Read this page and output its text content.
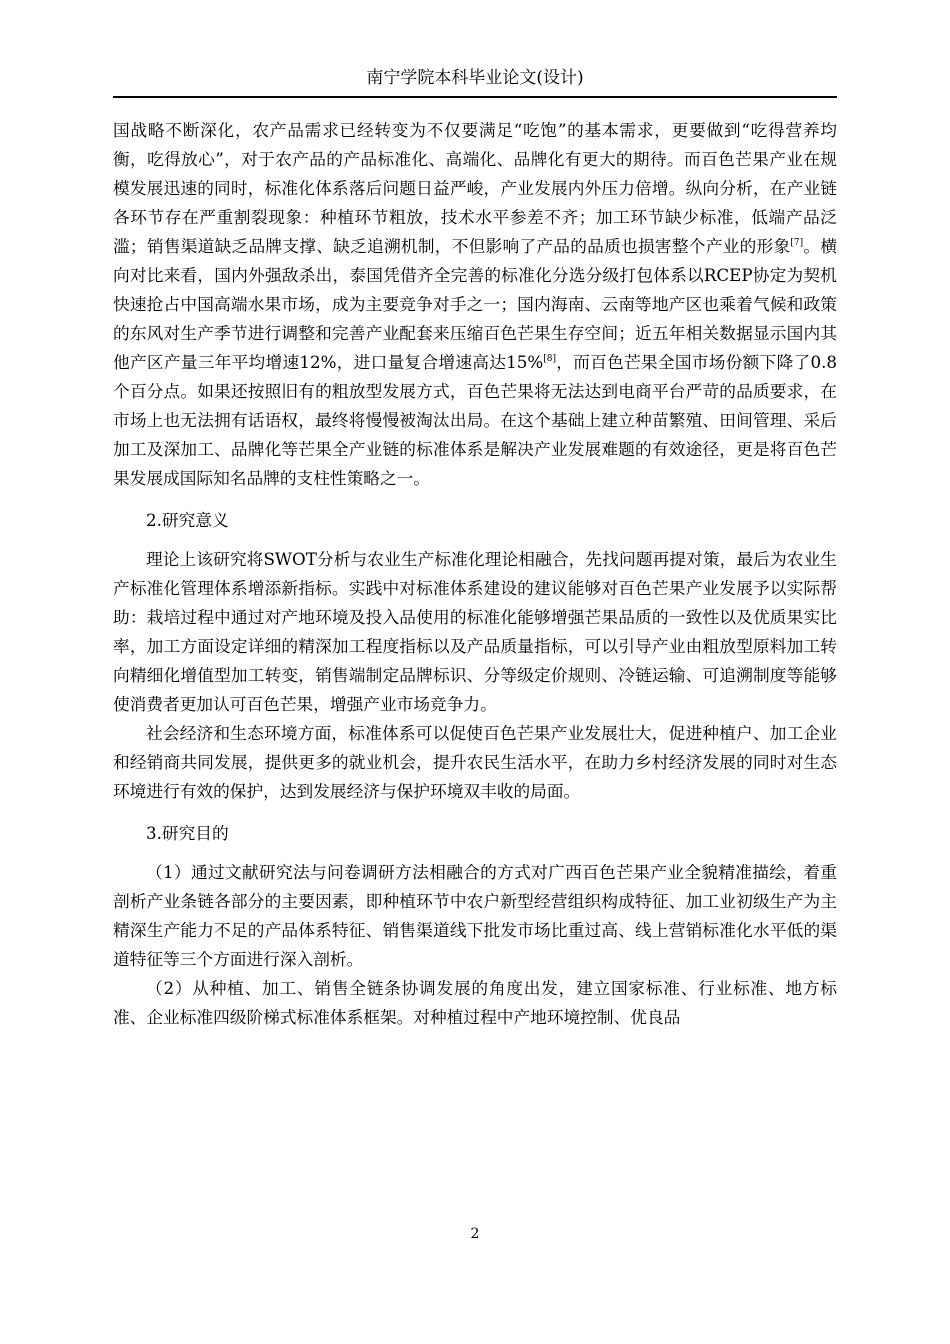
南宁学院本科毕业论文(设计)

国战略不断深化，农产品需求已经转变为不仅要满足“吃饱”的基本需求，更要做到“吃得营养均衡，吃得放心”，对于农产品的产品标准化、高端化、品牌化有更大的期待。而百色芒果产业在规模发展迅速的同时，标准化体系落后问题日益严峻，产业发展内外压力倍增。纵向分析，在产业链各环节存在严重割裂现象：种植环节粗放，技术水平参差不齐；加工环节缺少标准，低端产品泛滥；销售渠道缺乏品牌支撑、缺乏追溯机制，不但影响了产品的品质也损害整个产业的形象[7]。横向对比来看，国内外强敌杀出，泰国凭借齐全完善的标准化分选分级打包体系以RCEP协定为契机快速抢占中国高端水果市场，成为主要竞争对手之一；国内海南、云南等地产区也乘着气候和政策的东风对生产季节进行调整和完善产业配套来压缩百色芒果生存空间；近五年相关数据显示国内其他产区产量三年平均增速12%，进口量复合增速高达15%[8]，而百色芒果全国市场份额下降了0.8个百分点。如果还按照旧有的粗放型发展方式，百色芒果将无法达到电商平台严苛的品质要求，在市场上也无法拥有话语权，最终将慢慢被淘汰出局。在这个基础上建立种苗繁殖、田间管理、采后加工及深加工、品牌化等芒果全产业链的标准体系是解决产业发展难题的有效途径，更是将百色芒果发展成国际知名品牌的支柱性策略之一。

2.研究意义

理论上该研究将SWOT分析与农业生产标准化理论相融合，先找问题再提对策，最后为农业生产标准化管理体系增添新指标。实践中对标准体系建设的建议能够对百色芒果产业发展予以实际帮助：栽培过程中通过对产地环境及投入品使用的标准化能够增强芒果品质的一致性以及优质果实比率，加工方面设定详细的精深加工程度指标以及产品质量指标，可以引导产业由粗放型原料加工转向精细化增值型加工转变，销售端制定品牌标识、分等级定价规则、冷链运输、可追溯制度等能够使消费者更加认可百色芒果，增强产业市场竞争力。

社会经济和生态环境方面，标准体系可以促使百色芒果产业发展壮大，促进种植户、加工企业和经销商共同发展，提供更多的就业机会，提升农民生活水平，在助力乡村经济发展的同时对生态环境进行有效的保护，达到发展经济与保护环境双丰收的局面。

3.研究目的

（1）通过文献研究法与问卷调研方法相融合的方式对广西百色芒果产业全貌精准描绘，着重剖析产业条链各部分的主要因素，即种植环节中农户新型经营组织构成特征、加工业初级生产为主精深生产能力不足的产品体系特征、销售渠道线下批发市场比重过高、线上营销标准化水平低的渠道特征等三个方面进行深入剖析。

（2）从种植、加工、销售全链条协调发展的角度出发，建立国家标准、行业标准、地方标准、企业标准四级阶梯式标准体系框架。对种植过程中产地环境控制、优良品

2
